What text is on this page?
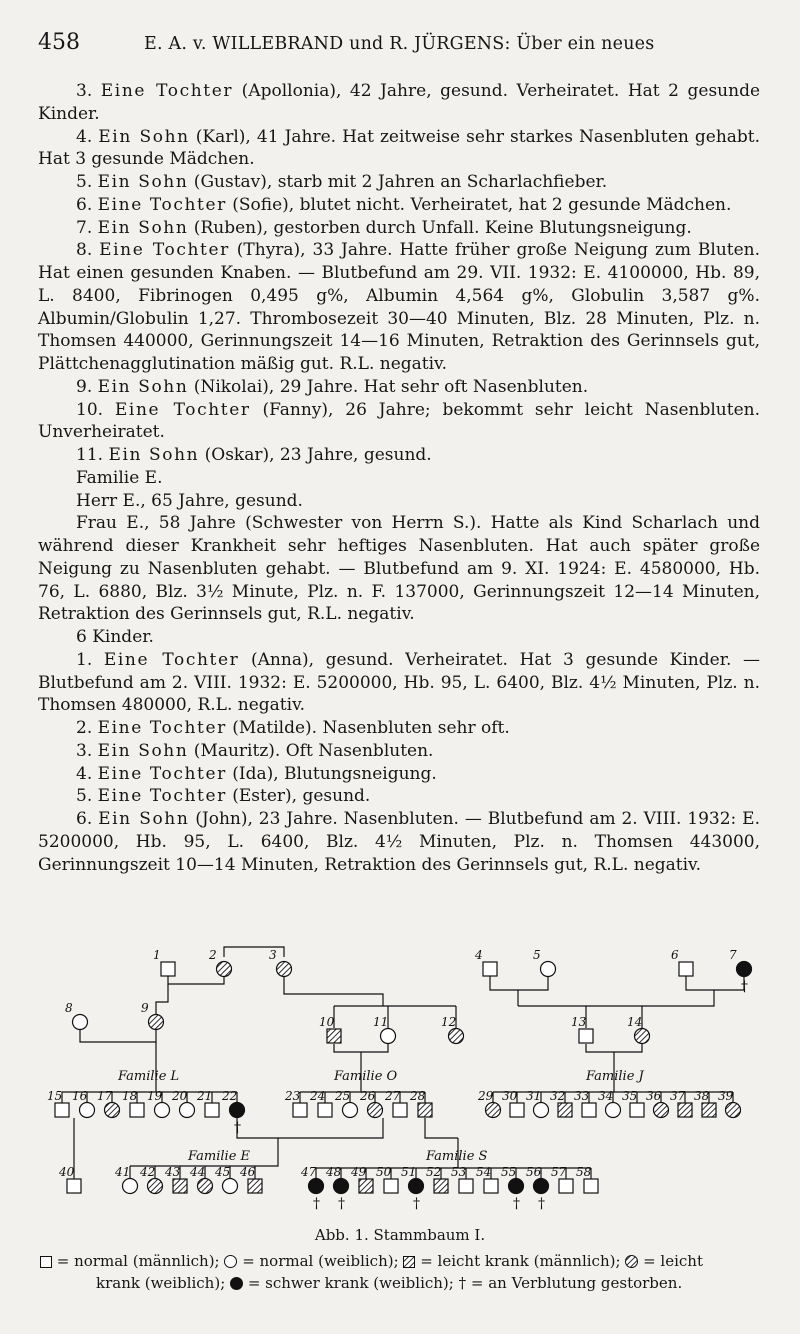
458	E. A. v. WILLEBRAND und R. JÜRGENS: Über ein neues

3. Eine Tochter (Apollonia), 42 Jahre, gesund. Verheiratet. Hat 2 gesunde Kinder.

4. Ein Sohn (Karl), 41 Jahre. Hat zeitweise sehr starkes Nasenbluten gehabt. Hat 3 gesunde Mädchen.

5. Ein Sohn (Gustav), starb mit 2 Jahren an Scharlachfieber.

6. Eine Tochter (Sofie), blutet nicht. Verheiratet, hat 2 gesunde Mädchen.

7. Ein Sohn (Ruben), gestorben durch Unfall. Keine Blutungsneigung.

8. Eine Tochter (Thyra), 33 Jahre. Hatte früher große Neigung zum Bluten. Hat einen gesunden Knaben. — Blutbefund am 29. VII. 1932: E. 4100000, Hb. 89, L. 8400, Fibrinogen 0,495 g%, Albumin 4,564 g%, Globulin 3,587 g%. Albumin/Globulin 1,27. Thrombosezeit 30—40 Minuten, Blz. 28 Minuten, Plz. n. Thomsen 440000, Gerinnungszeit 14—16 Minuten, Retraktion des Gerinnsels gut, Plättchenagglutination mäßig gut. R.L. negativ.

9. Ein Sohn (Nikolai), 29 Jahre. Hat sehr oft Nasenbluten.

10. Eine Tochter (Fanny), 26 Jahre; bekommt sehr leicht Nasenbluten. Unverheiratet.

11. Ein Sohn (Oskar), 23 Jahre, gesund.

Familie E.

Herr E., 65 Jahre, gesund.

Frau E., 58 Jahre (Schwester von Herrn S.). Hatte als Kind Scharlach und während dieser Krankheit sehr heftiges Nasenbluten. Hat auch später große Neigung zu Nasenbluten gehabt. — Blutbefund am 9. XI. 1924: E. 4580000, Hb. 76, L. 6880, Blz. 3½ Minute, Plz. n. F. 137000, Gerinnungszeit 12—14 Minuten, Retraktion des Gerinnsels gut, R.L. negativ.

6 Kinder.

1. Eine Tochter (Anna), gesund. Verheiratet. Hat 3 gesunde Kinder. — Blutbefund am 2. VIII. 1932: E. 5200000, Hb. 95, L. 6400, Blz. 4½ Minuten, Plz. n. Thomsen 480000, R.L. negativ.

2. Eine Tochter (Matilde). Nasenbluten sehr oft.

3. Ein Sohn (Mauritz). Oft Nasenbluten.

4. Eine Tochter (Ida), Blutungsneigung.

5. Eine Tochter (Ester), gesund.

6. Ein Sohn (John), 23 Jahre. Nasenbluten. — Blutbefund am 2. VIII. 1932: E. 5200000, Hb. 95, L. 6400, Blz. 4½ Minuten, Plz. n. Thomsen 443000, Gerinnungszeit 10—14 Minuten, Retraktion des Gerinnsels gut, R.L. negativ.

1	2	3	4	5	6
†
7
8	9
10	11	12	13	14
15 16 17 18 19 20 21
†
22	23 24 25 26 27 28	29 30 31 32 33 34 35 36 37 38 39
40	41 42 43 44 45 46
†
47
†
48 49 50
†
51 52 53 54
†
55
†
56 57 58
Familie L	Familie O	Familie J
Familie E	Familie S
Abb. 1. Stammbaum I.
= normal (männlich); = normal (weiblich); = leicht krank (männlich); = leicht
krank (weiblich); = schwer krank (weiblich); † = an Verblutung gestorben.
